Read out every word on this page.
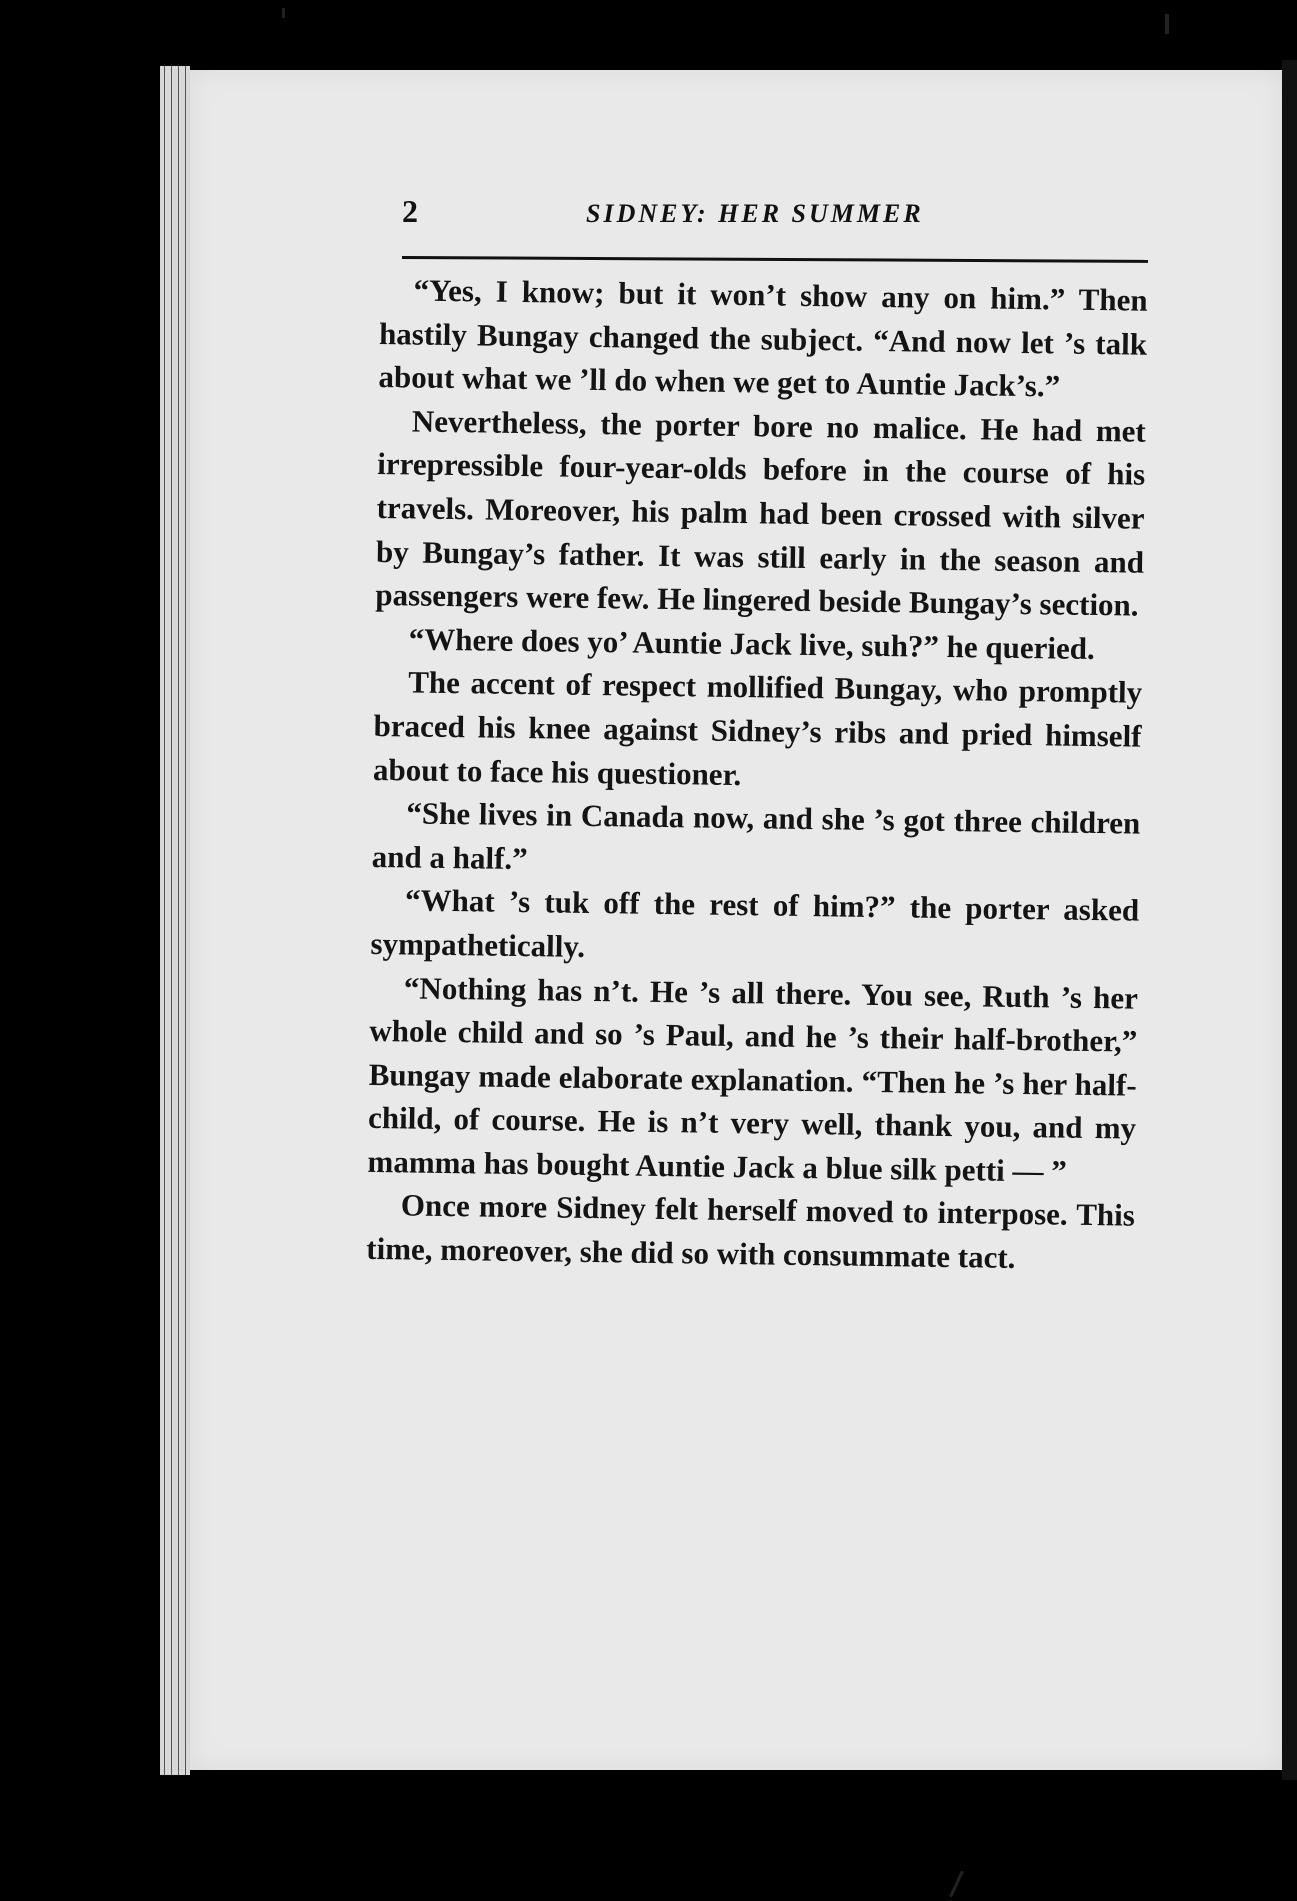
2	SIDNEY: HER SUMMER

“Yes, I know; but it won’t show any on him.” Then hastily Bungay changed the subject. “And now let ’s talk about what we ’ll do when we get to Auntie Jack’s.”

Nevertheless, the porter bore no malice. He had met irrepressible four-year-olds before in the course of his travels. Moreover, his palm had been crossed with silver by Bungay’s father. It was still early in the season and passengers were few. He lingered beside Bungay’s section.

“Where does yo’ Auntie Jack live, suh?” he queried.

The accent of respect mollified Bungay, who promptly braced his knee against Sidney’s ribs and pried himself about to face his questioner.

“She lives in Canada now, and she ’s got three children and a half.”

“What ’s tuk off the rest of him?” the porter asked sympathetically.

“Nothing has n’t. He ’s all there. You see, Ruth ’s her whole child and so ’s Paul, and he ’s their half-brother,” Bungay made elaborate explanation. “Then he ’s her half-child, of course. He is n’t very well, thank you, and my mamma has bought Auntie Jack a blue silk petti — ”

Once more Sidney felt herself moved to interpose. This time, moreover, she did so with consummate tact.
